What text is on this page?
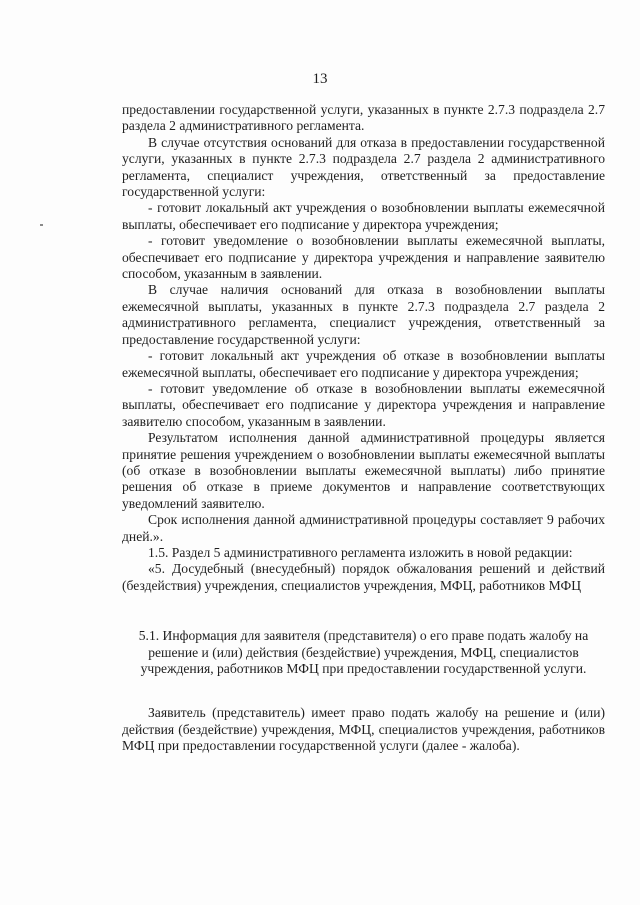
13

предоставлении государственной услуги, указанных в пункте 2.7.3 подраздела 2.7 раздела 2 административного регламента.

В случае отсутствия оснований для отказа в предоставлении государственной услуги, указанных в пункте 2.7.3 подраздела 2.7 раздела 2 административного регламента, специалист учреждения, ответственный за предоставление государственной услуги:

- готовит локальный акт учреждения о возобновлении выплаты ежемесячной выплаты, обеспечивает его подписание у директора учреждения;

- готовит уведомление о возобновлении выплаты ежемесячной выплаты, обеспечивает его подписание у директора учреждения и направление заявителю способом, указанным в заявлении.

В случае наличия оснований для отказа в возобновлении выплаты ежемесячной выплаты, указанных в пункте 2.7.3 подраздела 2.7 раздела 2 административного регламента, специалист учреждения, ответственный за предоставление государственной услуги:

- готовит локальный акт учреждения об отказе в возобновлении выплаты ежемесячной выплаты, обеспечивает его подписание у директора учреждения;

- готовит уведомление об отказе в возобновлении выплаты ежемесячной выплаты, обеспечивает его подписание у директора учреждения и направление заявителю способом, указанным в заявлении.

Результатом исполнения данной административной процедуры является принятие решения учреждением о возобновлении выплаты ежемесячной выплаты (об отказе в возобновлении выплаты ежемесячной выплаты) либо принятие решения об отказе в приеме документов и направление соответствующих уведомлений заявителю.

Срок исполнения данной административной процедуры составляет 9 рабочих дней.».

1.5. Раздел 5 административного регламента изложить в новой редакции:

«5. Досудебный (внесудебный) порядок обжалования решений и действий (бездействия) учреждения, специалистов учреждения, МФЦ, работников МФЦ

5.1. Информация для заявителя (представителя) о его праве подать жалобу на решение и (или) действия (бездействие) учреждения, МФЦ, специалистов учреждения, работников МФЦ при предоставлении государственной услуги.

Заявитель (представитель) имеет право подать жалобу на решение и (или) действия (бездействие) учреждения, МФЦ, специалистов учреждения, работников МФЦ при предоставлении государственной услуги (далее - жалоба).
